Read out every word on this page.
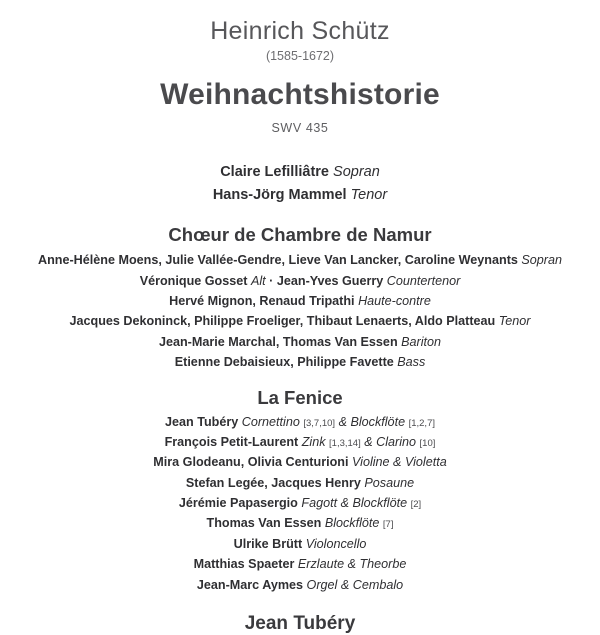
Heinrich Schütz
(1585-1672)
Weihnachtshistorie
SWV 435
Claire Lefilliâtre Sopran
Hans-Jörg Mammel Tenor
Chœur de Chambre de Namur
Anne-Hélène Moens, Julie Vallée-Gendre, Lieve Van Lancker, Caroline Weynants Sopran
Véronique Gosset Alt · Jean-Yves Guerry Countertenor
Hervé Mignon, Renaud Tripathi Haute-contre
Jacques Dekoninck, Philippe Froeliger, Thibaut Lenaerts, Aldo Platteau Tenor
Jean-Marie Marchal, Thomas Van Essen Bariton
Etienne Debaisieux, Philippe Favette Bass
La Fenice
Jean Tubéry Cornettino [3,7,10] & Blockflöte [1,2,7]
François Petit-Laurent Zink [1,3,14] & Clarino [10]
Mira Glodeanu, Olivia Centurioni Violine & Violetta
Stefan Legée, Jacques Henry Posaune
Jérémie Papasergio Fagott & Blockflöte [2]
Thomas Van Essen Blockflöte [7]
Ulrike Brütt Violoncello
Matthias Spaeter Erzlaute & Theorbe
Jean-Marc Aymes Orgel & Cembalo
Jean Tubéry
